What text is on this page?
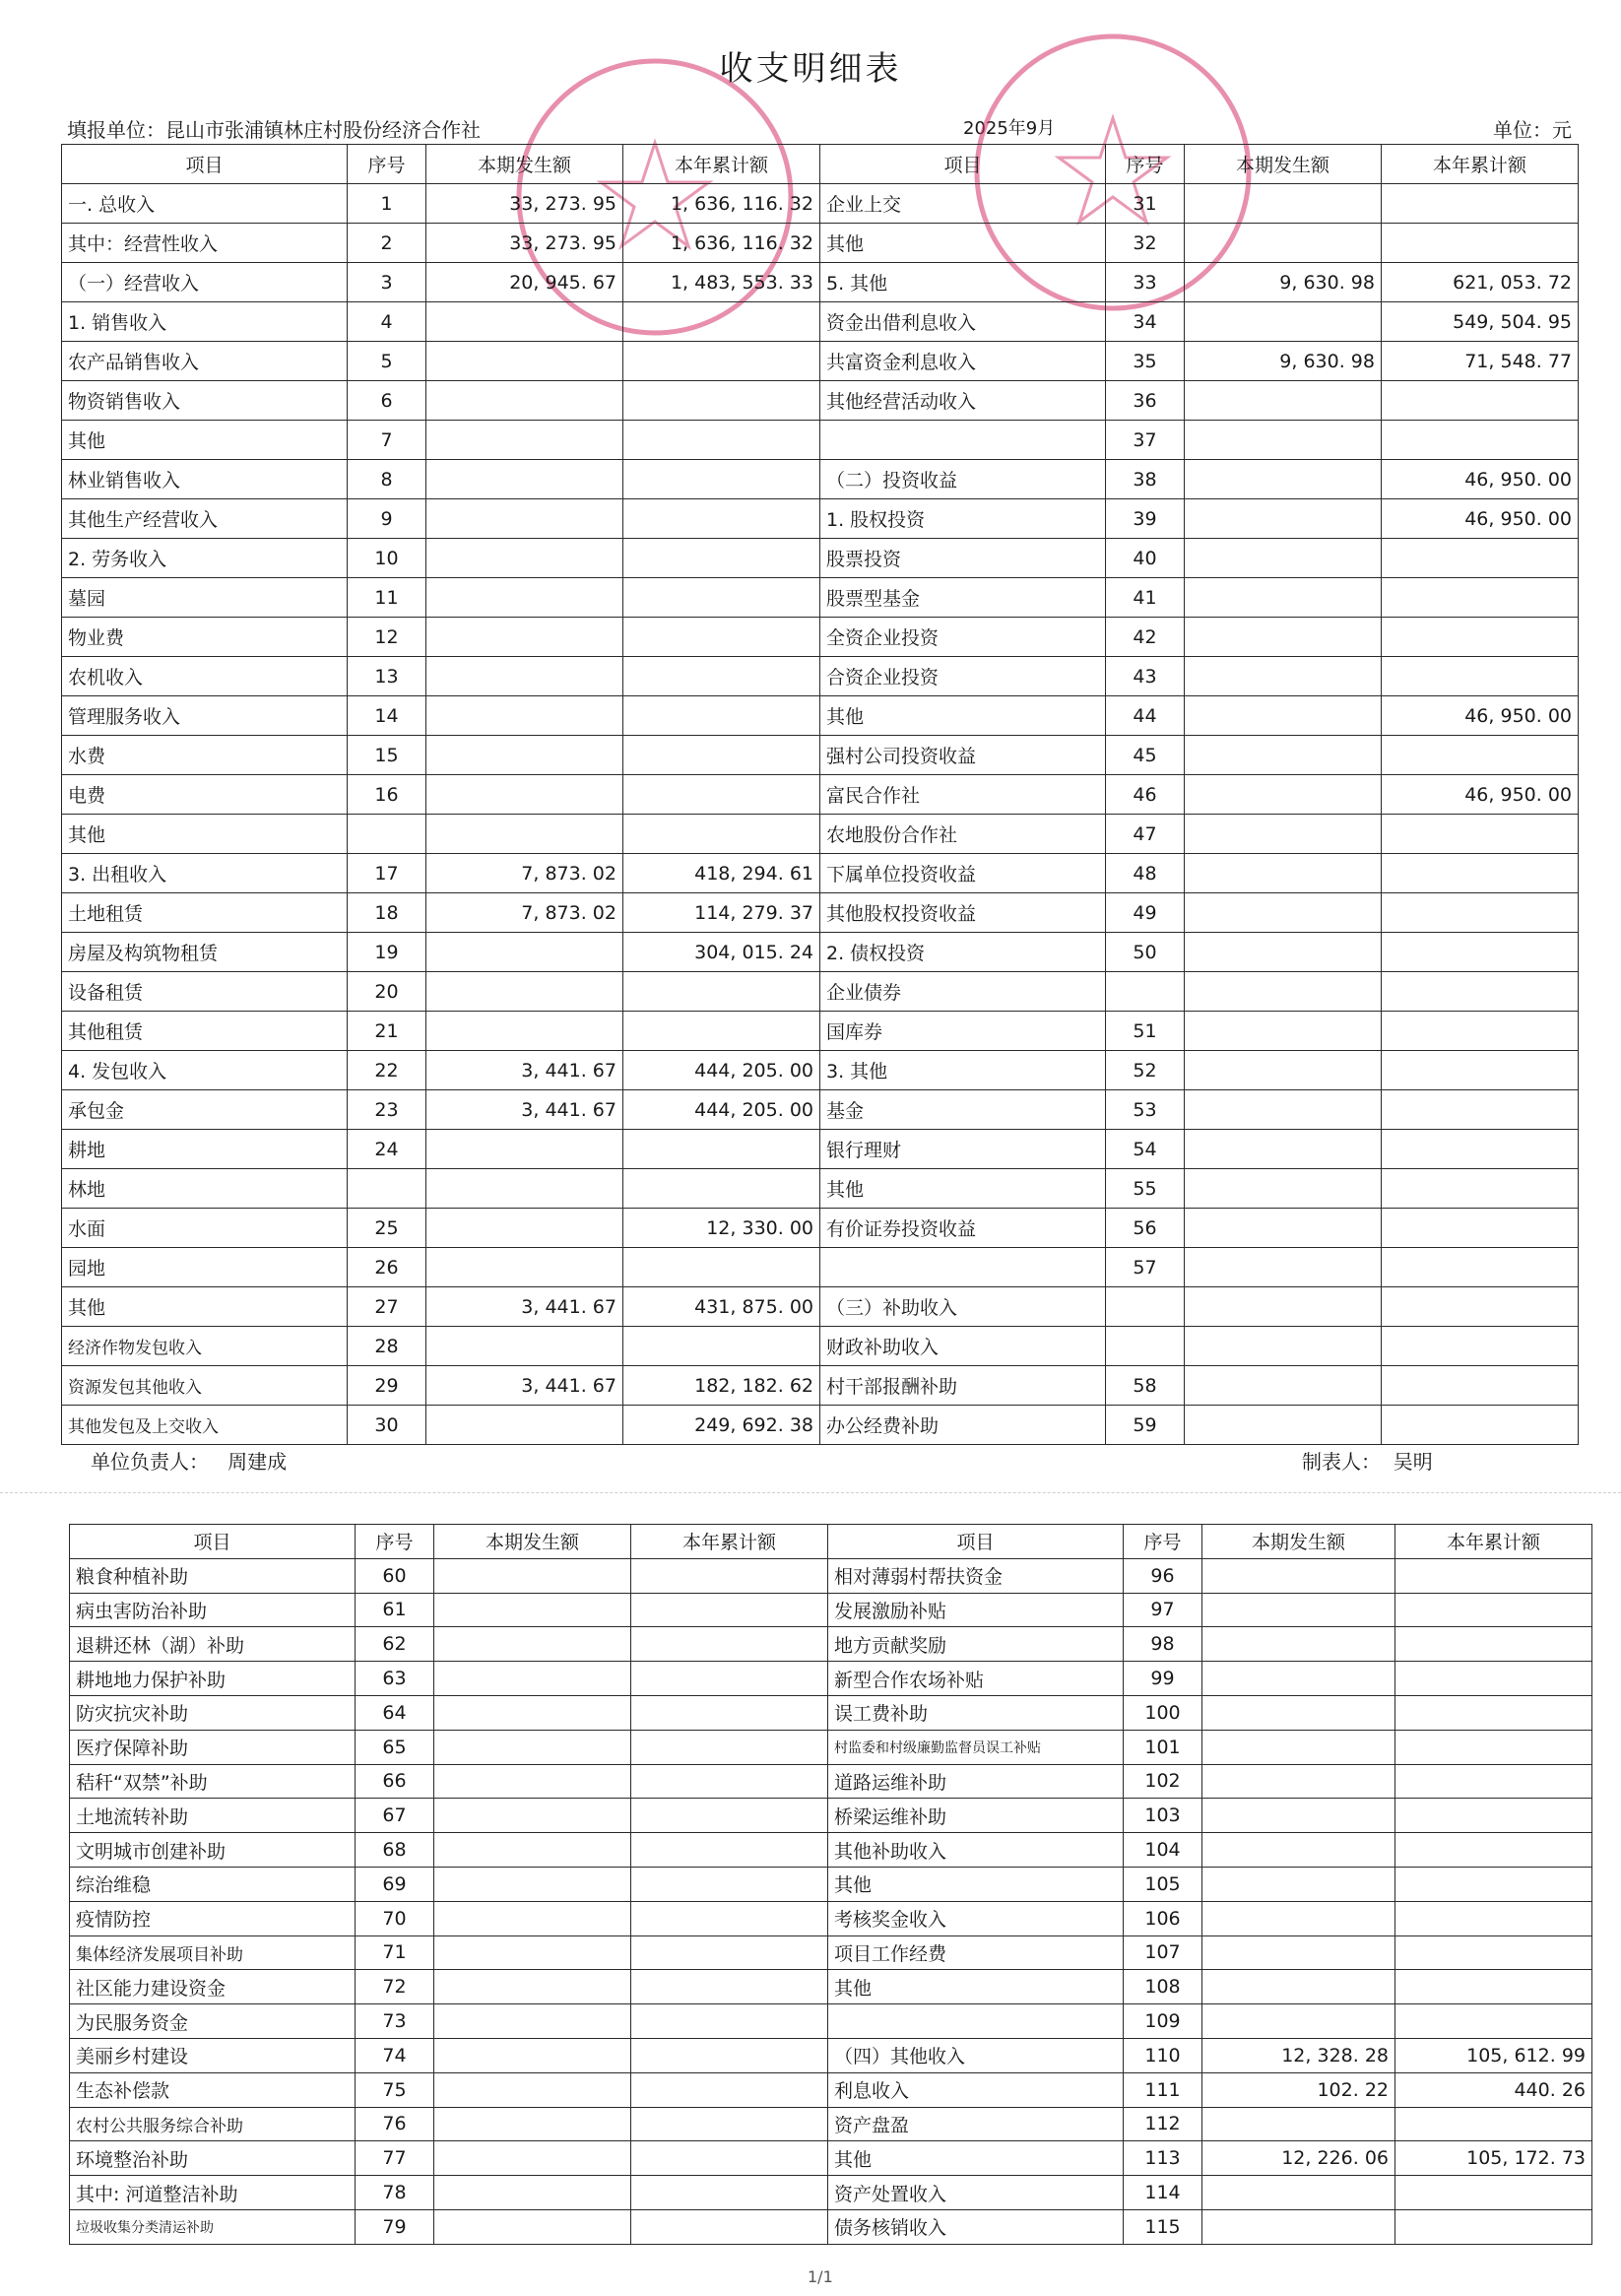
收支明细表
填报单位：昆山市张浦镇林庄村股份经济合作社	2025年9月	单位：元
项目	序号	本期发生额	本年累计额	项目	序号	本期发生额	本年累计额
一. 总收入	1	33, 273. 95	1, 636, 116. 32	企业上交	31		
其中：经营性收入	2	33, 273. 95	1, 636, 116. 32	其他	32		
（一）经营收入	3	20, 945. 67	1, 483, 553. 33	5. 其他	33	9, 630. 98	621, 053. 72
1. 销售收入	4			资金出借利息收入	34		549, 504. 95
农产品销售收入	5			共富资金利息收入	35	9, 630. 98	71, 548. 77
物资销售收入	6			其他经营活动收入	36		
其他	7				37		
林业销售收入	8			（二）投资收益	38		46, 950. 00
其他生产经营收入	9			1. 股权投资	39		46, 950. 00
2. 劳务收入	10			股票投资	40		
墓园	11			股票型基金	41		
物业费	12			全资企业投资	42		
农机收入	13			合资企业投资	43		
管理服务收入	14			其他	44		46, 950. 00
水费	15			强村公司投资收益	45		
电费	16			富民合作社	46		46, 950. 00
其他				农地股份合作社	47		
3. 出租收入	17	7, 873. 02	418, 294. 61	下属单位投资收益	48		
土地租赁	18	7, 873. 02	114, 279. 37	其他股权投资收益	49		
房屋及构筑物租赁	19		304, 015. 24	2. 债权投资	50		
设备租赁	20			企业债券			
其他租赁	21			国库券	51		
4. 发包收入	22	3, 441. 67	444, 205. 00	3. 其他	52		
承包金	23	3, 441. 67	444, 205. 00	基金	53		
耕地	24			银行理财	54		
林地				其他	55		
水面	25		12, 330. 00	有价证券投资收益	56		
园地	26				57		
其他	27	3, 441. 67	431, 875. 00	（三）补助收入			
经济作物发包收入	28			财政补助收入			
资源发包其他收入	29	3, 441. 67	182, 182. 62	村干部报酬补助	58		
其他发包及上交收入	30		249, 692. 38	办公经费补助	59		
单位负责人： 周建成	制表人： 吴明
项目	序号	本期发生额	本年累计额	项目	序号	本期发生额	本年累计额
粮食种植补助	60			相对薄弱村帮扶资金	96		
病虫害防治补助	61			发展激励补贴	97		
退耕还林（湖）补助	62			地方贡献奖励	98		
耕地地力保护补助	63			新型合作农场补贴	99		
防灾抗灾补助	64			误工费补助	100		
医疗保障补助	65			村监委和村级廉勤监督员误工补贴	101		
秸秆“双禁”补助	66			道路运维补助	102		
土地流转补助	67			桥梁运维补助	103		
文明城市创建补助	68			其他补助收入	104		
综治维稳	69			其他	105		
疫情防控	70			考核奖金收入	106		
集体经济发展项目补助	71			项目工作经费	107		
社区能力建设资金	72			其他	108		
为民服务资金	73				109		
美丽乡村建设	74			（四）其他收入	110	12, 328. 28	105, 612. 99
生态补偿款	75			利息收入	111	102. 22	440. 26
农村公共服务综合补助	76			资产盘盈	112		
环境整治补助	77			其他	113	12, 226. 06	105, 172. 73
其中: 河道整洁补助	78			资产处置收入	114		
垃圾收集分类清运补助	79			债务核销收入	115		
1/1
